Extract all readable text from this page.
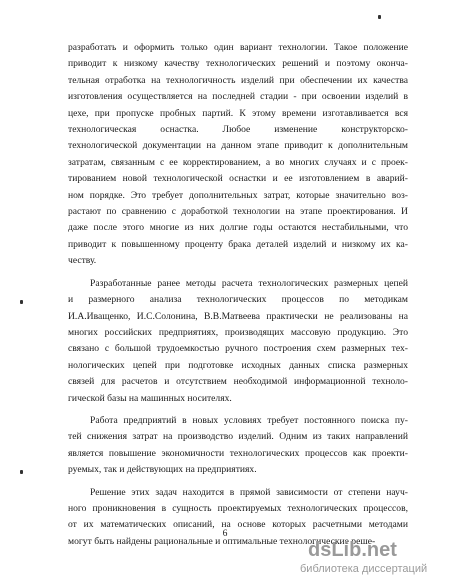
разработать и оформить только один вариант технологии. Такое положение
приводит к низкому качеству технологических решений и поэтому оконча-
тельная отработка на технологичность изделий при обеспечении их качества
изготовления осуществляется на последней стадии - при освоении изделий в
цехе, при пропуске пробных партий. К этому времени изготавливается вся
технологическая оснастка. Любое изменение конструкторско-
технологической документации на данном этапе приводит к дополнительным
затратам, связанным с ее корректированием, а во многих случаях и с проек-
тированием новой технологической оснастки и ее изготовлением в аварий-
ном порядке. Это требует дополнительных затрат, которые значительно воз-
растают по сравнению с доработкой технологии на этапе проектирования. И
даже после этого многие из них долгие годы остаются нестабильными, что
приводит к повышенному проценту брака деталей изделий и низкому их ка-
честву.
Разработанные ранее методы расчета технологических размерных цепей
и размерного анализа технологических процессов по методикам
И.А.Иващенко, И.С.Солонина, В.В.Матвеева практически не реализованы на
многих российских предприятиях, производящих массовую продукцию. Это
связано с большой трудоемкостью ручного построения схем размерных тех-
нологических цепей при подготовке исходных данных списка размерных
связей для расчетов и отсутствием необходимой информационной техноло-
гической базы на машинных носителях.
Работа предприятий в новых условиях требует постоянного поиска пу-
тей снижения затрат на производство изделий. Одним из таких направлений
является повышение экономичности технологических процессов как проекти-
руемых, так и действующих на предприятиях.
Решение этих задач находится в прямой зависимости от степени науч-
ного проникновения в сущность проектируемых технологических процессов,
от их математических описаний, на основе которых расчетными методами
могут быть найдены рациональные и оптимальные технологические реше-
6
dsLib.net
библиотека диссертаций
